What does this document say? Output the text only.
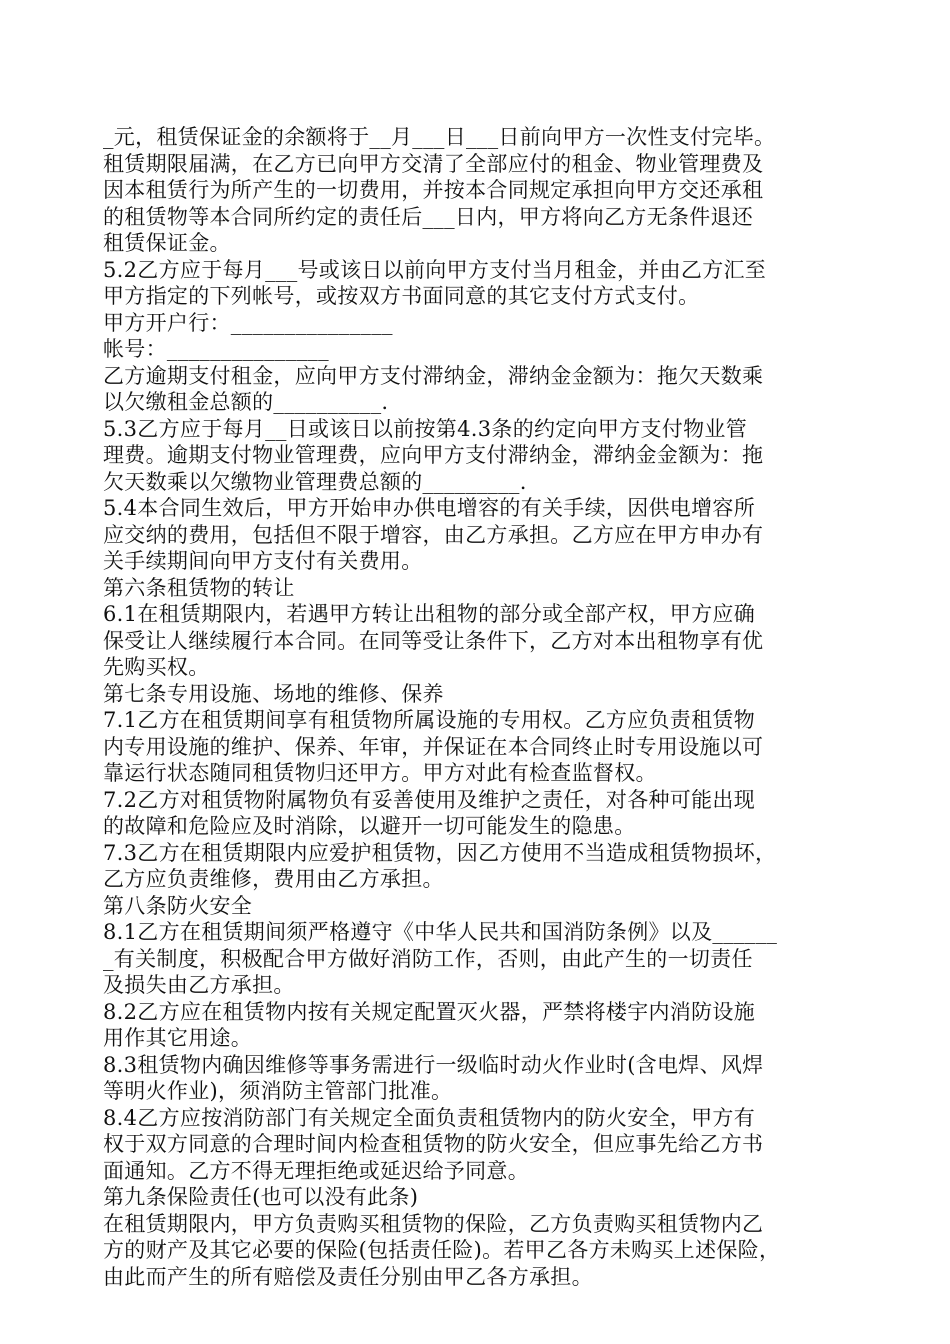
_元，租赁保证金的余额将于__月___日___日前向甲方一次性支付完毕。
租赁期限届满，在乙方已向甲方交清了全部应付的租金、物业管理费及
因本租赁行为所产生的一切费用，并按本合同规定承担向甲方交还承租
的租赁物等本合同所约定的责任后___日内，甲方将向乙方无条件退还
租赁保证金。
5.2乙方应于每月___号或该日以前向甲方支付当月租金，并由乙方汇至
甲方指定的下列帐号，或按双方书面同意的其它支付方式支付。
甲方开户行：_______________
帐号：_______________
乙方逾期支付租金，应向甲方支付滞纳金，滞纳金金额为：拖欠天数乘
以欠缴租金总额的__________.
5.3乙方应于每月__日或该日以前按第4.3条的约定向甲方支付物业管
理费。逾期支付物业管理费，应向甲方支付滞纳金，滞纳金金额为：拖
欠天数乘以欠缴物业管理费总额的_________.
5.4本合同生效后，甲方开始申办供电增容的有关手续，因供电增容所
应交纳的费用，包括但不限于增容，由乙方承担。乙方应在甲方申办有
关手续期间向甲方支付有关费用。
第六条租赁物的转让
6.1在租赁期限内，若遇甲方转让出租物的部分或全部产权，甲方应确
保受让人继续履行本合同。在同等受让条件下，乙方对本出租物享有优
先购买权。
第七条专用设施、场地的维修、保养
7.1乙方在租赁期间享有租赁物所属设施的专用权。乙方应负责租赁物
内专用设施的维护、保养、年审，并保证在本合同终止时专用设施以可
靠运行状态随同租赁物归还甲方。甲方对此有检查监督权。
7.2乙方对租赁物附属物负有妥善使用及维护之责任，对各种可能出现
的故障和危险应及时消除，以避开一切可能发生的隐患。
7.3乙方在租赁期限内应爱护租赁物，因乙方使用不当造成租赁物损坏，
乙方应负责维修，费用由乙方承担。
第八条防火安全
8.1乙方在租赁期间须严格遵守《中华人民共和国消防条例》以及______
_有关制度，积极配合甲方做好消防工作，否则，由此产生的一切责任
及损失由乙方承担。
8.2乙方应在租赁物内按有关规定配置灭火器，严禁将楼宇内消防设施
用作其它用途。
8.3租赁物内确因维修等事务需进行一级临时动火作业时(含电焊、风焊
等明火作业)，须消防主管部门批准。
8.4乙方应按消防部门有关规定全面负责租赁物内的防火安全，甲方有
权于双方同意的合理时间内检查租赁物的防火安全，但应事先给乙方书
面通知。乙方不得无理拒绝或延迟给予同意。
第九条保险责任(也可以没有此条)
在租赁期限内，甲方负责购买租赁物的保险，乙方负责购买租赁物内乙
方的财产及其它必要的保险(包括责任险)。若甲乙各方未购买上述保险，
由此而产生的所有赔偿及责任分别由甲乙各方承担。
